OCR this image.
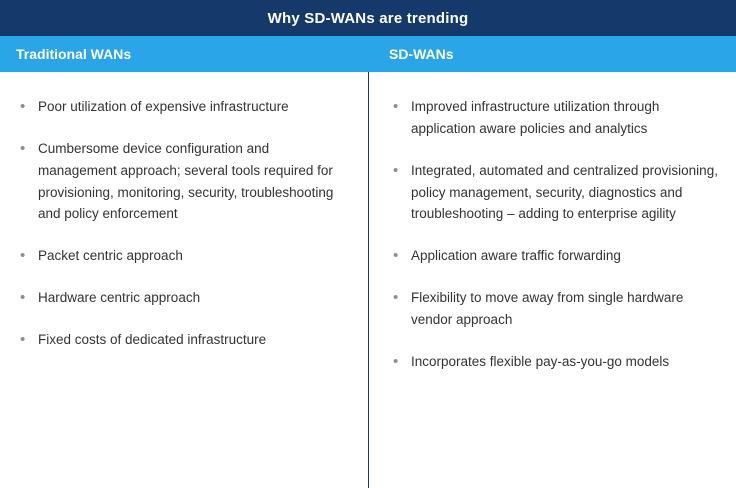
Why SD-WANs are trending
Traditional WANs	SD-WANs
• Poor utilization of expensive infrastructure
• Cumbersome device configuration and management approach; several tools required for provisioning, monitoring, security, troubleshooting and policy enforcement
• Packet centric approach
• Hardware centric approach
• Fixed costs of dedicated infrastructure
• Improved infrastructure utilization through application aware policies and analytics
• Integrated, automated and centralized provisioning, policy management, security, diagnostics and troubleshooting – adding to enterprise agility
• Application aware traffic forwarding
• Flexibility to move away from single hardware vendor approach
• Incorporates flexible pay-as-you-go models
